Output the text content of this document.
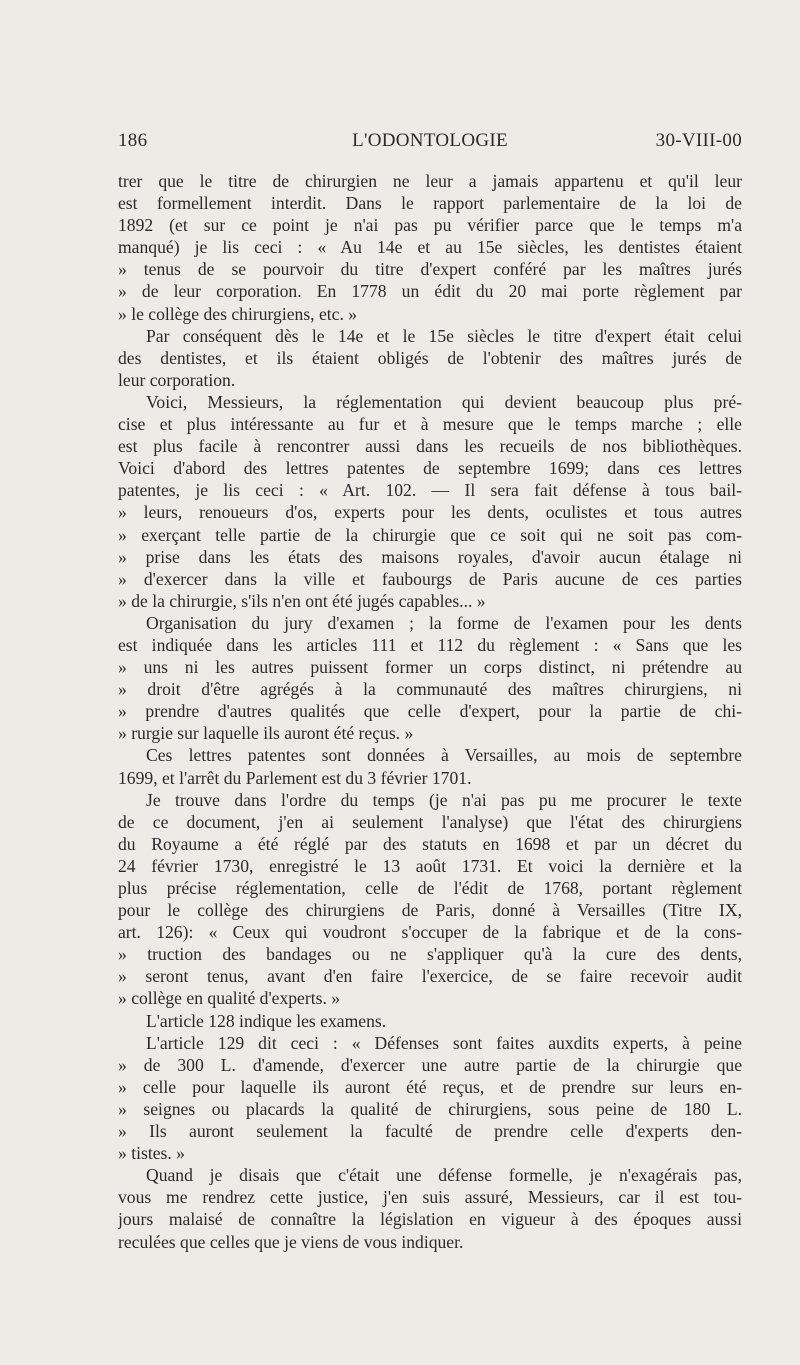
186	L'ODONTOLOGIE	30-VIII-00
trer que le titre de chirurgien ne leur a jamais appartenu et qu'il leur
est formellement interdit. Dans le rapport parlementaire de la loi de
1892 (et sur ce point je n'ai pas pu vérifier parce que le temps m'a
manqué) je lis ceci : « Au 14e et au 15e siècles, les dentistes étaient
» tenus de se pourvoir du titre d'expert conféré par les maîtres jurés
» de leur corporation. En 1778 un édit du 20 mai porte règlement par
» le collège des chirurgiens, etc. »
Par conséquent dès le 14e et le 15e siècles le titre d'expert était celui
des dentistes, et ils étaient obligés de l'obtenir des maîtres jurés de
leur corporation.
Voici, Messieurs, la réglementation qui devient beaucoup plus pré-
cise et plus intéressante au fur et à mesure que le temps marche ; elle
est plus facile à rencontrer aussi dans les recueils de nos bibliothèques.
Voici d'abord des lettres patentes de septembre 1699; dans ces lettres
patentes, je lis ceci : « Art. 102. — Il sera fait défense à tous bail-
» leurs, renoueurs d'os, experts pour les dents, oculistes et tous autres
» exerçant telle partie de la chirurgie que ce soit qui ne soit pas com-
» prise dans les états des maisons royales, d'avoir aucun étalage ni
» d'exercer dans la ville et faubourgs de Paris aucune de ces parties
» de la chirurgie, s'ils n'en ont été jugés capables... »
Organisation du jury d'examen ; la forme de l'examen pour les dents
est indiquée dans les articles 111 et 112 du règlement : « Sans que les
» uns ni les autres puissent former un corps distinct, ni prétendre au
» droit d'être agrégés à la communauté des maîtres chirurgiens, ni
» prendre d'autres qualités que celle d'expert, pour la partie de chi-
» rurgie sur laquelle ils auront été reçus. »
Ces lettres patentes sont données à Versailles, au mois de septembre
1699, et l'arrêt du Parlement est du 3 février 1701.
Je trouve dans l'ordre du temps (je n'ai pas pu me procurer le texte
de ce document, j'en ai seulement l'analyse) que l'état des chirurgiens
du Royaume a été réglé par des statuts en 1698 et par un décret du
24 février 1730, enregistré le 13 août 1731. Et voici la dernière et la
plus précise réglementation, celle de l'édit de 1768, portant règlement
pour le collège des chirurgiens de Paris, donné à Versailles (Titre IX,
art. 126): « Ceux qui voudront s'occuper de la fabrique et de la cons-
» truction des bandages ou ne s'appliquer qu'à la cure des dents,
» seront tenus, avant d'en faire l'exercice, de se faire recevoir audit
» collège en qualité d'experts. »
L'article 128 indique les examens.
L'article 129 dit ceci : « Défenses sont faites auxdits experts, à peine
» de 300 L. d'amende, d'exercer une autre partie de la chirurgie que
» celle pour laquelle ils auront été reçus, et de prendre sur leurs en-
» seignes ou placards la qualité de chirurgiens, sous peine de 180 L.
» Ils auront seulement la faculté de prendre celle d'experts den-
» tistes. »
Quand je disais que c'était une défense formelle, je n'exagérais pas,
vous me rendrez cette justice, j'en suis assuré, Messieurs, car il est tou-
jours malaisé de connaître la législation en vigueur à des époques aussi
reculées que celles que je viens de vous indiquer.
